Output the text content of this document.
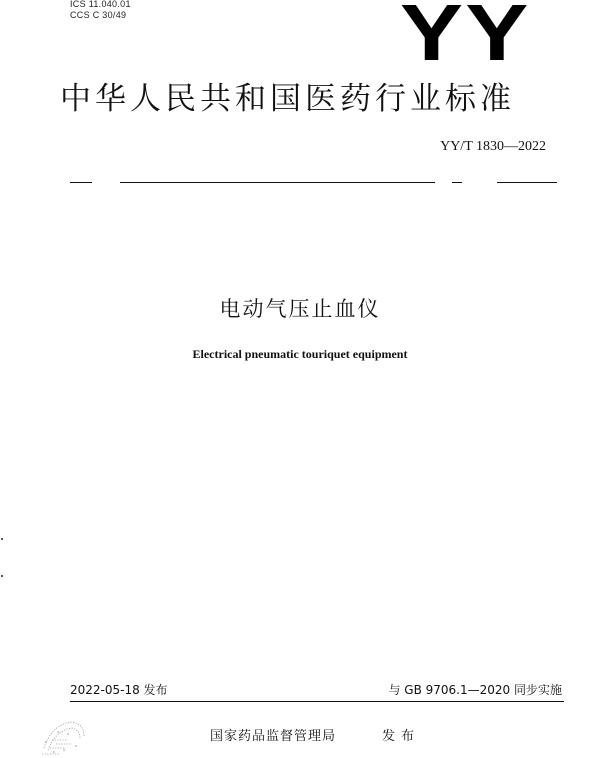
ICS 11.040.01
CCS C 30/49	YY
中华人民共和国医药行业标准
YY/T 1830—2022
电动气压止血仪
Electrical pneumatic touriquet equipment
2022-05-18 发布	与 GB 9706.1—2020 同步实施
国家药品监督管理局	发布
